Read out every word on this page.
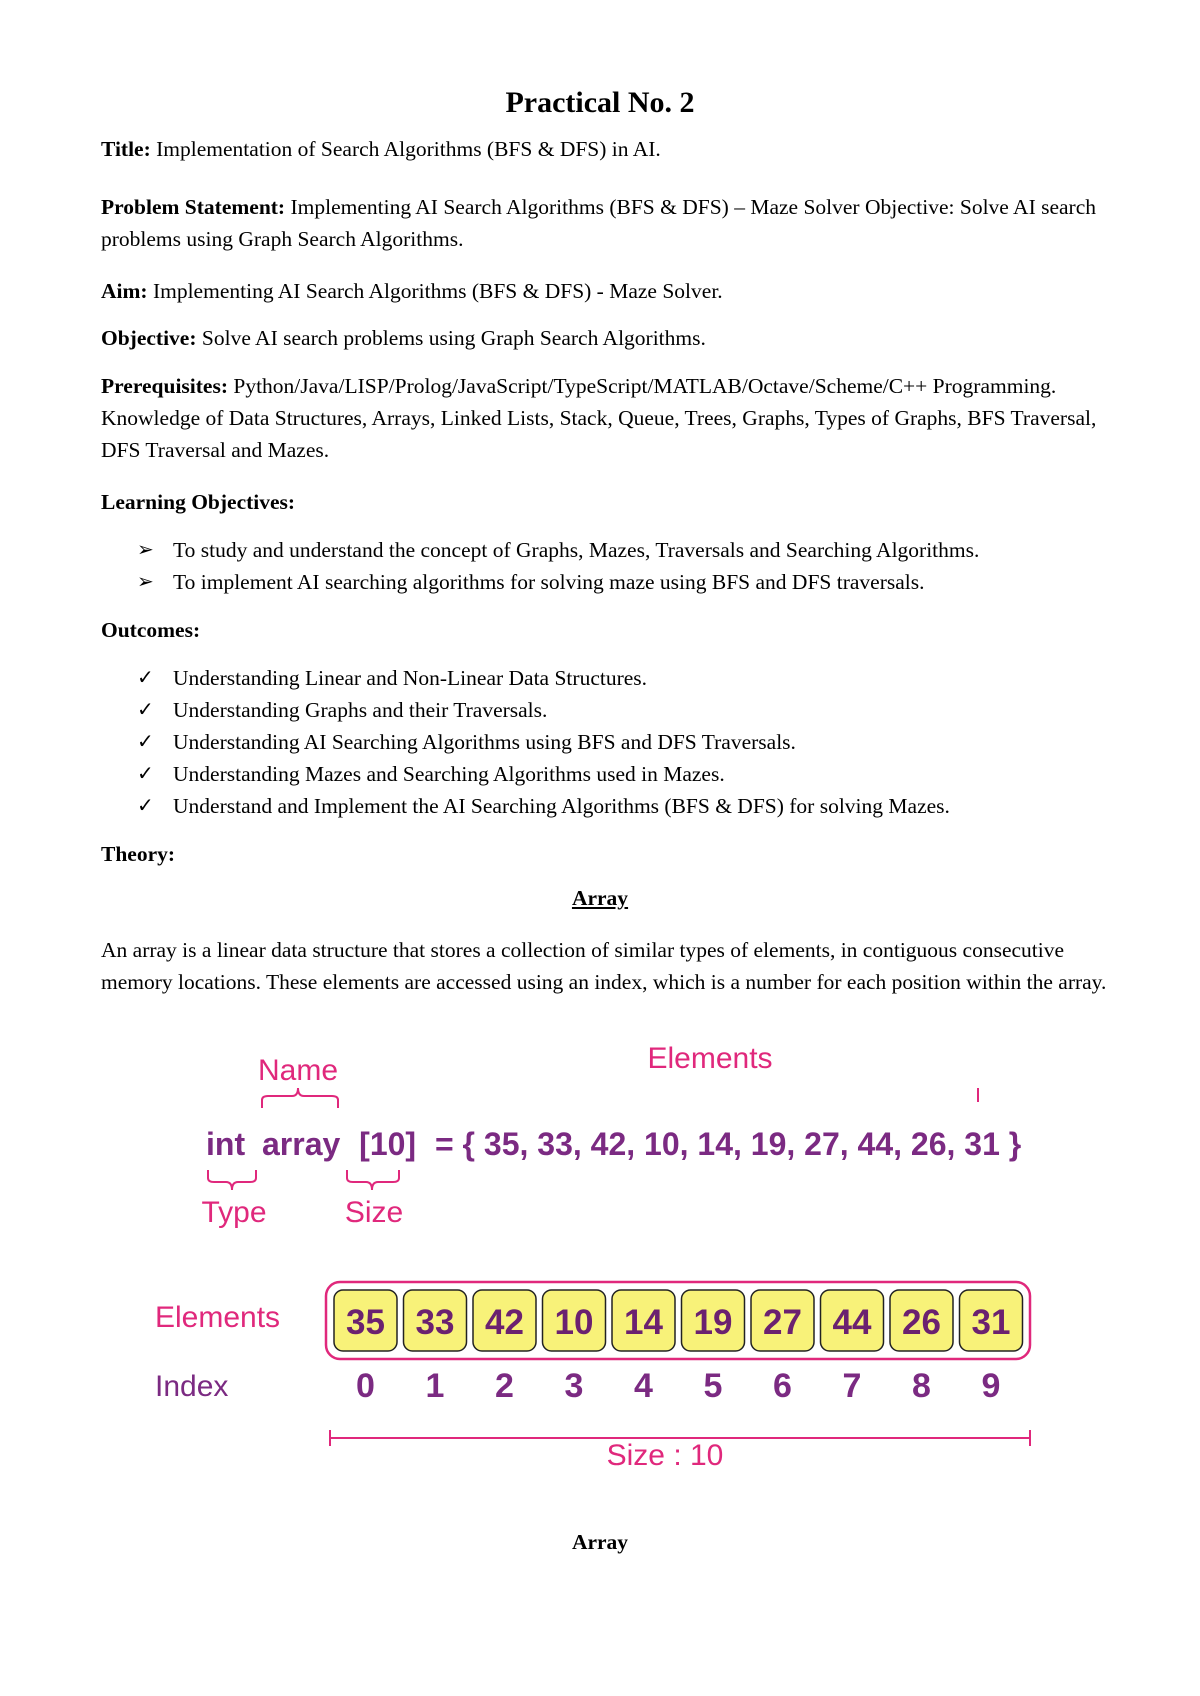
Practical No. 2
Title: Implementation of Search Algorithms (BFS & DFS) in AI.
Problem Statement: Implementing AI Search Algorithms (BFS & DFS) – Maze Solver Objective: Solve AI search problems using Graph Search Algorithms.
Aim: Implementing AI Search Algorithms (BFS & DFS) - Maze Solver.
Objective: Solve AI search problems using Graph Search Algorithms.
Prerequisites: Python/Java/LISP/Prolog/JavaScript/TypeScript/MATLAB/Octave/Scheme/C++ Programming. Knowledge of Data Structures, Arrays, Linked Lists, Stack, Queue, Trees, Graphs, Types of Graphs, BFS Traversal, DFS Traversal and Mazes.
Learning Objectives:
➢ To study and understand the concept of Graphs, Mazes, Traversals and Searching Algorithms.
➢ To implement AI searching algorithms for solving maze using BFS and DFS traversals.
Outcomes:
✓ Understanding Linear and Non-Linear Data Structures.
✓ Understanding Graphs and their Traversals.
✓ Understanding AI Searching Algorithms using BFS and DFS Traversals.
✓ Understanding Mazes and Searching Algorithms used in Mazes.
✓ Understand and Implement the AI Searching Algorithms (BFS & DFS) for solving Mazes.
Theory:
Array
An array is a linear data structure that stores a collection of similar types of elements, in contiguous consecutive memory locations. These elements are accessed using an index, which is a number for each position within the array.
Name	Elements
int array [10] = { 35, 33, 42, 10, 14, 19, 27, 44, 26, 31 }
Type	Size
Elements
Index
35 33 42 10 14 19 27 44 26 31
0 1 2 3 4 5 6 7 8 9
Size : 10
Array
